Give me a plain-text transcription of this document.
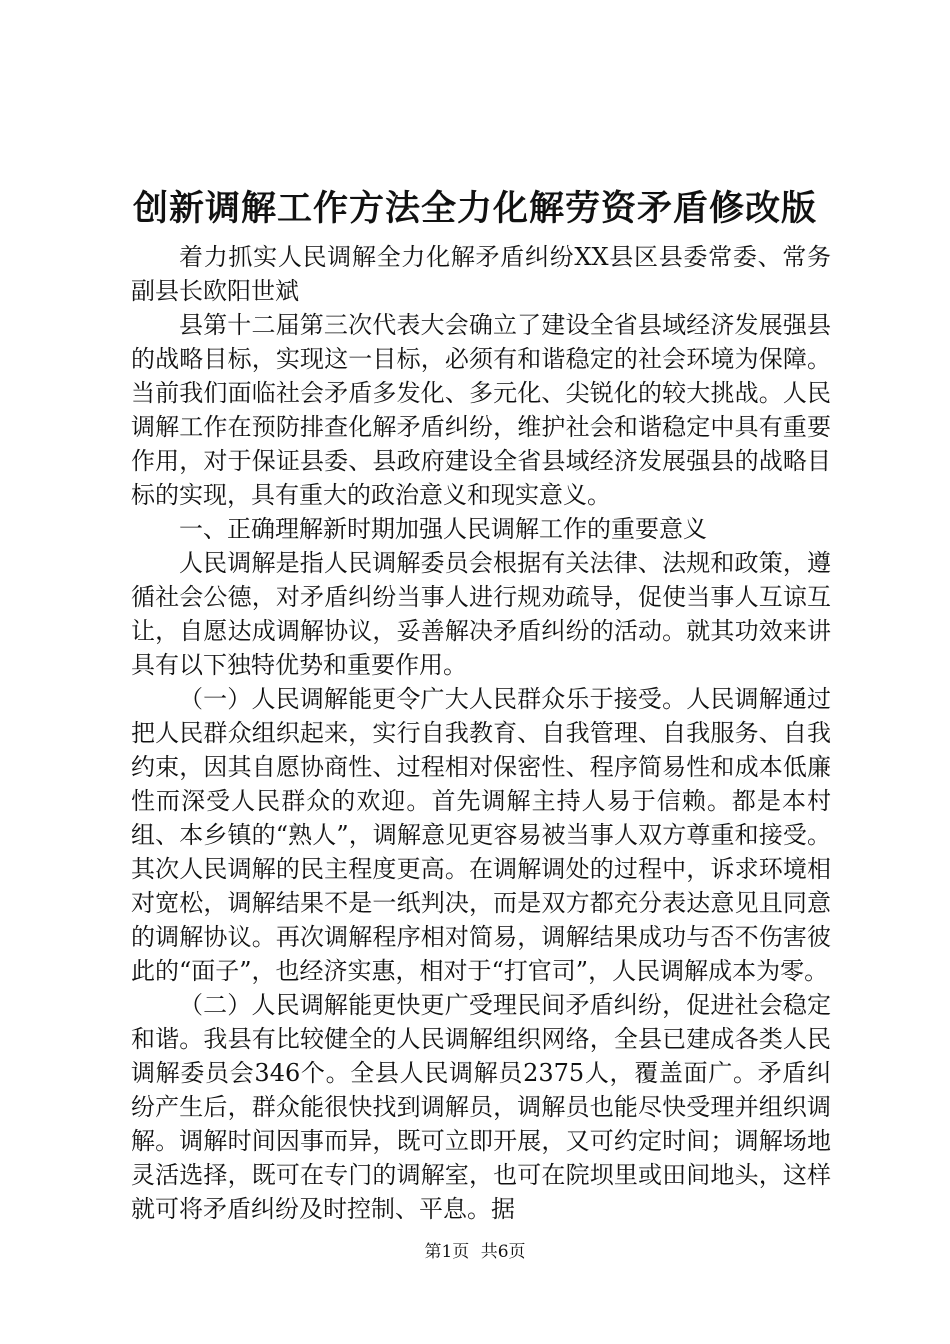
创新调解工作方法全力化解劳资矛盾修改版

着力抓实人民调解全力化解矛盾纠纷XX县区县委常委、常务副县长欧阳世斌

县第十二届第三次代表大会确立了建设全省县域经济发展强县的战略目标，实现这一目标，必须有和谐稳定的社会环境为保障。当前我们面临社会矛盾多发化、多元化、尖锐化的较大挑战。人民调解工作在预防排查化解矛盾纠纷，维护社会和谐稳定中具有重要作用，对于保证县委、县政府建设全省县域经济发展强县的战略目标的实现，具有重大的政治意义和现实意义。

一、正确理解新时期加强人民调解工作的重要意义

人民调解是指人民调解委员会根据有关法律、法规和政策，遵循社会公德，对矛盾纠纷当事人进行规劝疏导，促使当事人互谅互让，自愿达成调解协议，妥善解决矛盾纠纷的活动。就其功效来讲具有以下独特优势和重要作用。

（一）人民调解能更令广大人民群众乐于接受。人民调解通过把人民群众组织起来，实行自我教育、自我管理、自我服务、自我约束，因其自愿协商性、过程相对保密性、程序简易性和成本低廉性而深受人民群众的欢迎。首先调解主持人易于信赖。都是本村组、本乡镇的“熟人”，调解意见更容易被当事人双方尊重和接受。其次人民调解的民主程度更高。在调解调处的过程中，诉求环境相对宽松，调解结果不是一纸判决，而是双方都充分表达意见且同意的调解协议。再次调解程序相对简易，调解结果成功与否不伤害彼此的“面子”，也经济实惠，相对于“打官司”，人民调解成本为零。

（二）人民调解能更快更广受理民间矛盾纠纷，促进社会稳定和谐。我县有比较健全的人民调解组织网络，全县已建成各类人民调解委员会346个。全县人民调解员2375人，覆盖面广。矛盾纠纷产生后，群众能很快找到调解员，调解员也能尽快受理并组织调解。调解时间因事而异，既可立即开展，又可约定时间；调解场地灵活选择，既可在专门的调解室，也可在院坝里或田间地头，这样就可将矛盾纠纷及时控制、平息。据

第1页 共6页
